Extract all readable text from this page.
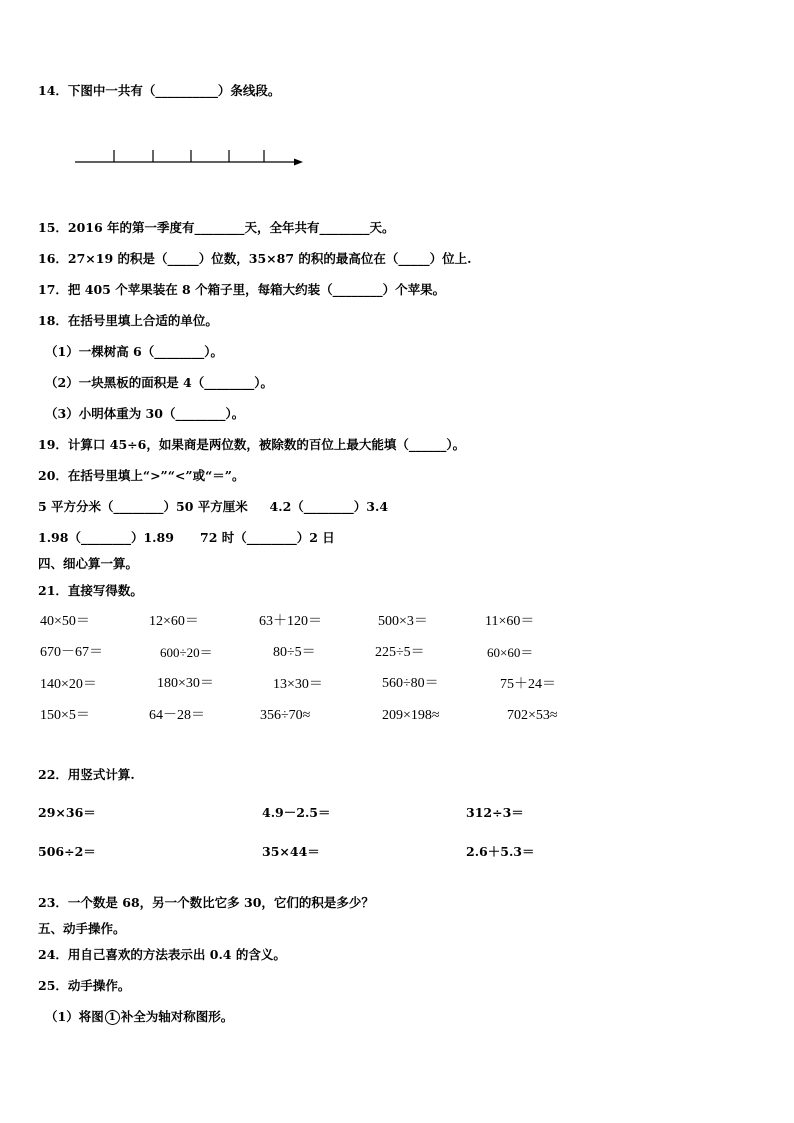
14．下图中一共有（__________）条线段。
15．2016 年的第一季度有________天，全年共有________天。
16．27×19 的积是（_____）位数，35×87 的积的最高位在（_____）位上.
17．把 405 个苹果装在 8 个箱子里，每箱大约装（________）个苹果。
18．在括号里填上合适的单位。
（1）一棵树高 6（________）。
（2）一块黑板的面积是 4（________）。
（3）小明体重为 30（________）。
19．计算口 45÷6，如果商是两位数，被除数的百位上最大能填（______）。
20．在括号里填上“>”“<”或“＝”。
5 平方分米（________）50 平方厘米     4.2（________）3.4
1.98（________）1.89      72 时（________）2 日
四、细心算一算。
21．直接写得数。
40×50＝	12×60＝	63＋120＝	500×3＝	11×60＝
670－67＝	600÷20＝	80÷5＝	225÷5＝	60×60＝
140×20＝	180×30＝	13×30＝	560÷80＝	75＋24＝
150×5＝	64－28＝	356÷70≈	209×198≈	702×53≈
22．用竖式计算.
29×36＝	4.9－2.5＝	312÷3＝
506÷2＝	35×44＝	2.6＋5.3＝
23．一个数是 68，另一个数比它多 30，它们的积是多少？
五、动手操作。
24．用自己喜欢的方法表示出 0.4 的含义。
25．动手操作。
（1）将图 1 补全为轴对称图形。
